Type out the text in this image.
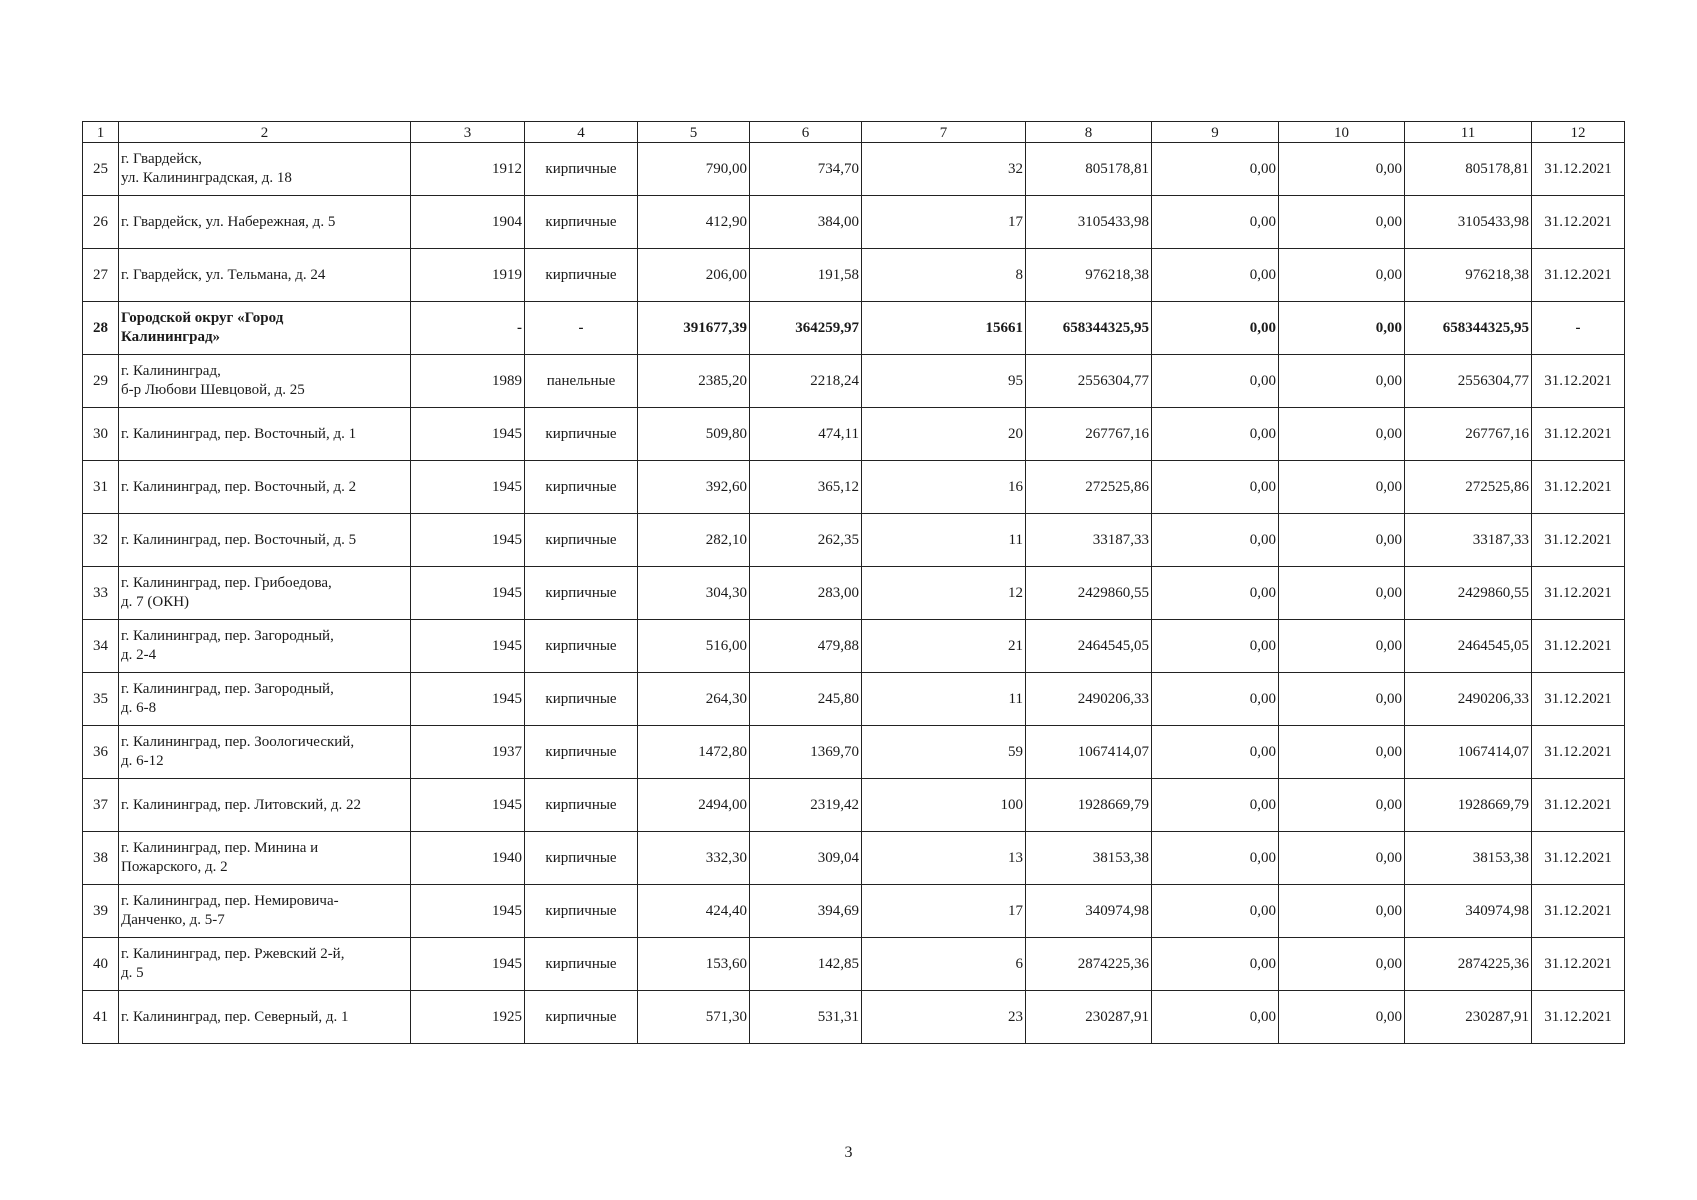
1	2	3	4	5	6	7	8	9	10	11	12
25	г. Гвардейск,
ул. Калининградская, д. 18	1912	кирпичные	790,00	734,70	32	805178,81	0,00	0,00	805178,81	31.12.2021
26	г. Гвардейск, ул. Набережная, д. 5	1904	кирпичные	412,90	384,00	17	3105433,98	0,00	0,00	3105433,98	31.12.2021
27	г. Гвардейск, ул. Тельмана, д. 24	1919	кирпичные	206,00	191,58	8	976218,38	0,00	0,00	976218,38	31.12.2021
28	Городской округ «Город
Калининград»	-	-	391677,39	364259,97	15661	658344325,95	0,00	0,00	658344325,95	-
29	г. Калининград,
б-р Любови Шевцовой, д. 25	1989	панельные	2385,20	2218,24	95	2556304,77	0,00	0,00	2556304,77	31.12.2021
30	г. Калининград, пер. Восточный, д. 1	1945	кирпичные	509,80	474,11	20	267767,16	0,00	0,00	267767,16	31.12.2021
31	г. Калининград, пер. Восточный, д. 2	1945	кирпичные	392,60	365,12	16	272525,86	0,00	0,00	272525,86	31.12.2021
32	г. Калининград, пер. Восточный, д. 5	1945	кирпичные	282,10	262,35	11	33187,33	0,00	0,00	33187,33	31.12.2021
33	г. Калининград, пер. Грибоедова,
д. 7 (ОКН)	1945	кирпичные	304,30	283,00	12	2429860,55	0,00	0,00	2429860,55	31.12.2021
34	г. Калининград, пер. Загородный,
д. 2-4	1945	кирпичные	516,00	479,88	21	2464545,05	0,00	0,00	2464545,05	31.12.2021
35	г. Калининград, пер. Загородный,
д. 6-8	1945	кирпичные	264,30	245,80	11	2490206,33	0,00	0,00	2490206,33	31.12.2021
36	г. Калининград, пер. Зоологический,
д. 6-12	1937	кирпичные	1472,80	1369,70	59	1067414,07	0,00	0,00	1067414,07	31.12.2021
37	г. Калининград, пер. Литовский, д. 22	1945	кирпичные	2494,00	2319,42	100	1928669,79	0,00	0,00	1928669,79	31.12.2021
38	г. Калининград, пер. Минина и
Пожарского, д. 2	1940	кирпичные	332,30	309,04	13	38153,38	0,00	0,00	38153,38	31.12.2021
39	г. Калининград, пер. Немировича-
Данченко, д. 5-7	1945	кирпичные	424,40	394,69	17	340974,98	0,00	0,00	340974,98	31.12.2021
40	г. Калининград, пер. Ржевский 2-й,
д. 5	1945	кирпичные	153,60	142,85	6	2874225,36	0,00	0,00	2874225,36	31.12.2021
41	г. Калининград, пер. Северный, д. 1	1925	кирпичные	571,30	531,31	23	230287,91	0,00	0,00	230287,91	31.12.2021
3
